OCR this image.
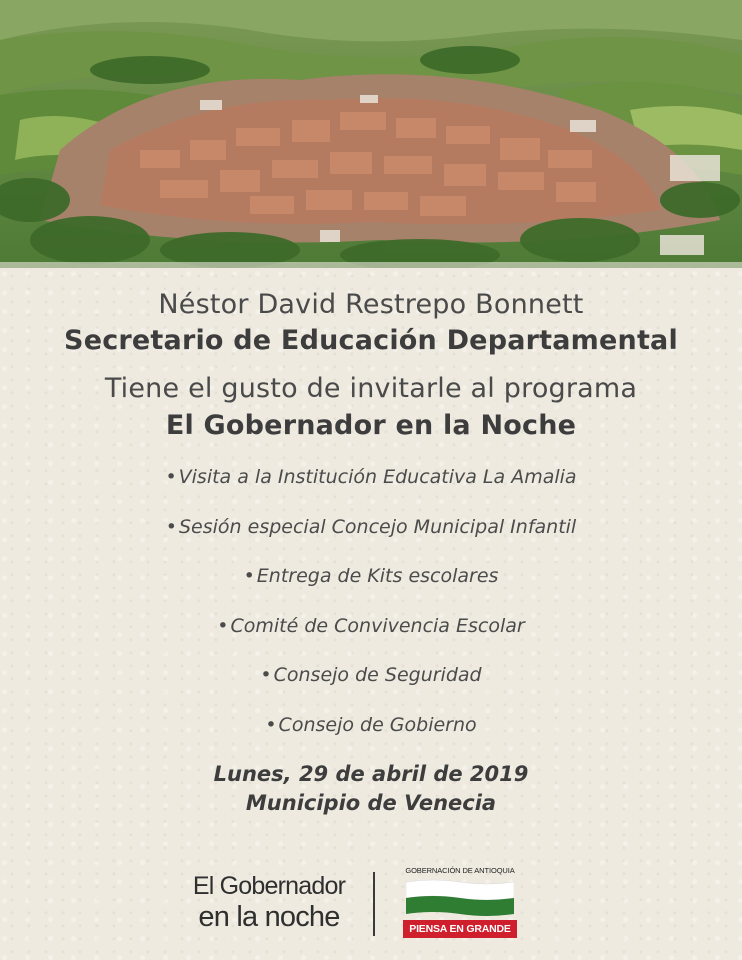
Néstor David Restrepo Bonnett
Secretario de Educación Departamental
Tiene el gusto de invitarle al programa
El Gobernador en la Noche
• Visita a la Institución Educativa La Amalia
• Sesión especial Concejo Municipal Infantil
• Entrega de Kits escolares
• Comité de Convivencia Escolar
• Consejo de Seguridad
• Consejo de Gobierno
Lunes, 29 de abril de 2019
Municipio de Venecia
El Gobernador
en la noche
GOBERNACIÓN DE ANTIOQUIA
PIENSA EN GRANDE
